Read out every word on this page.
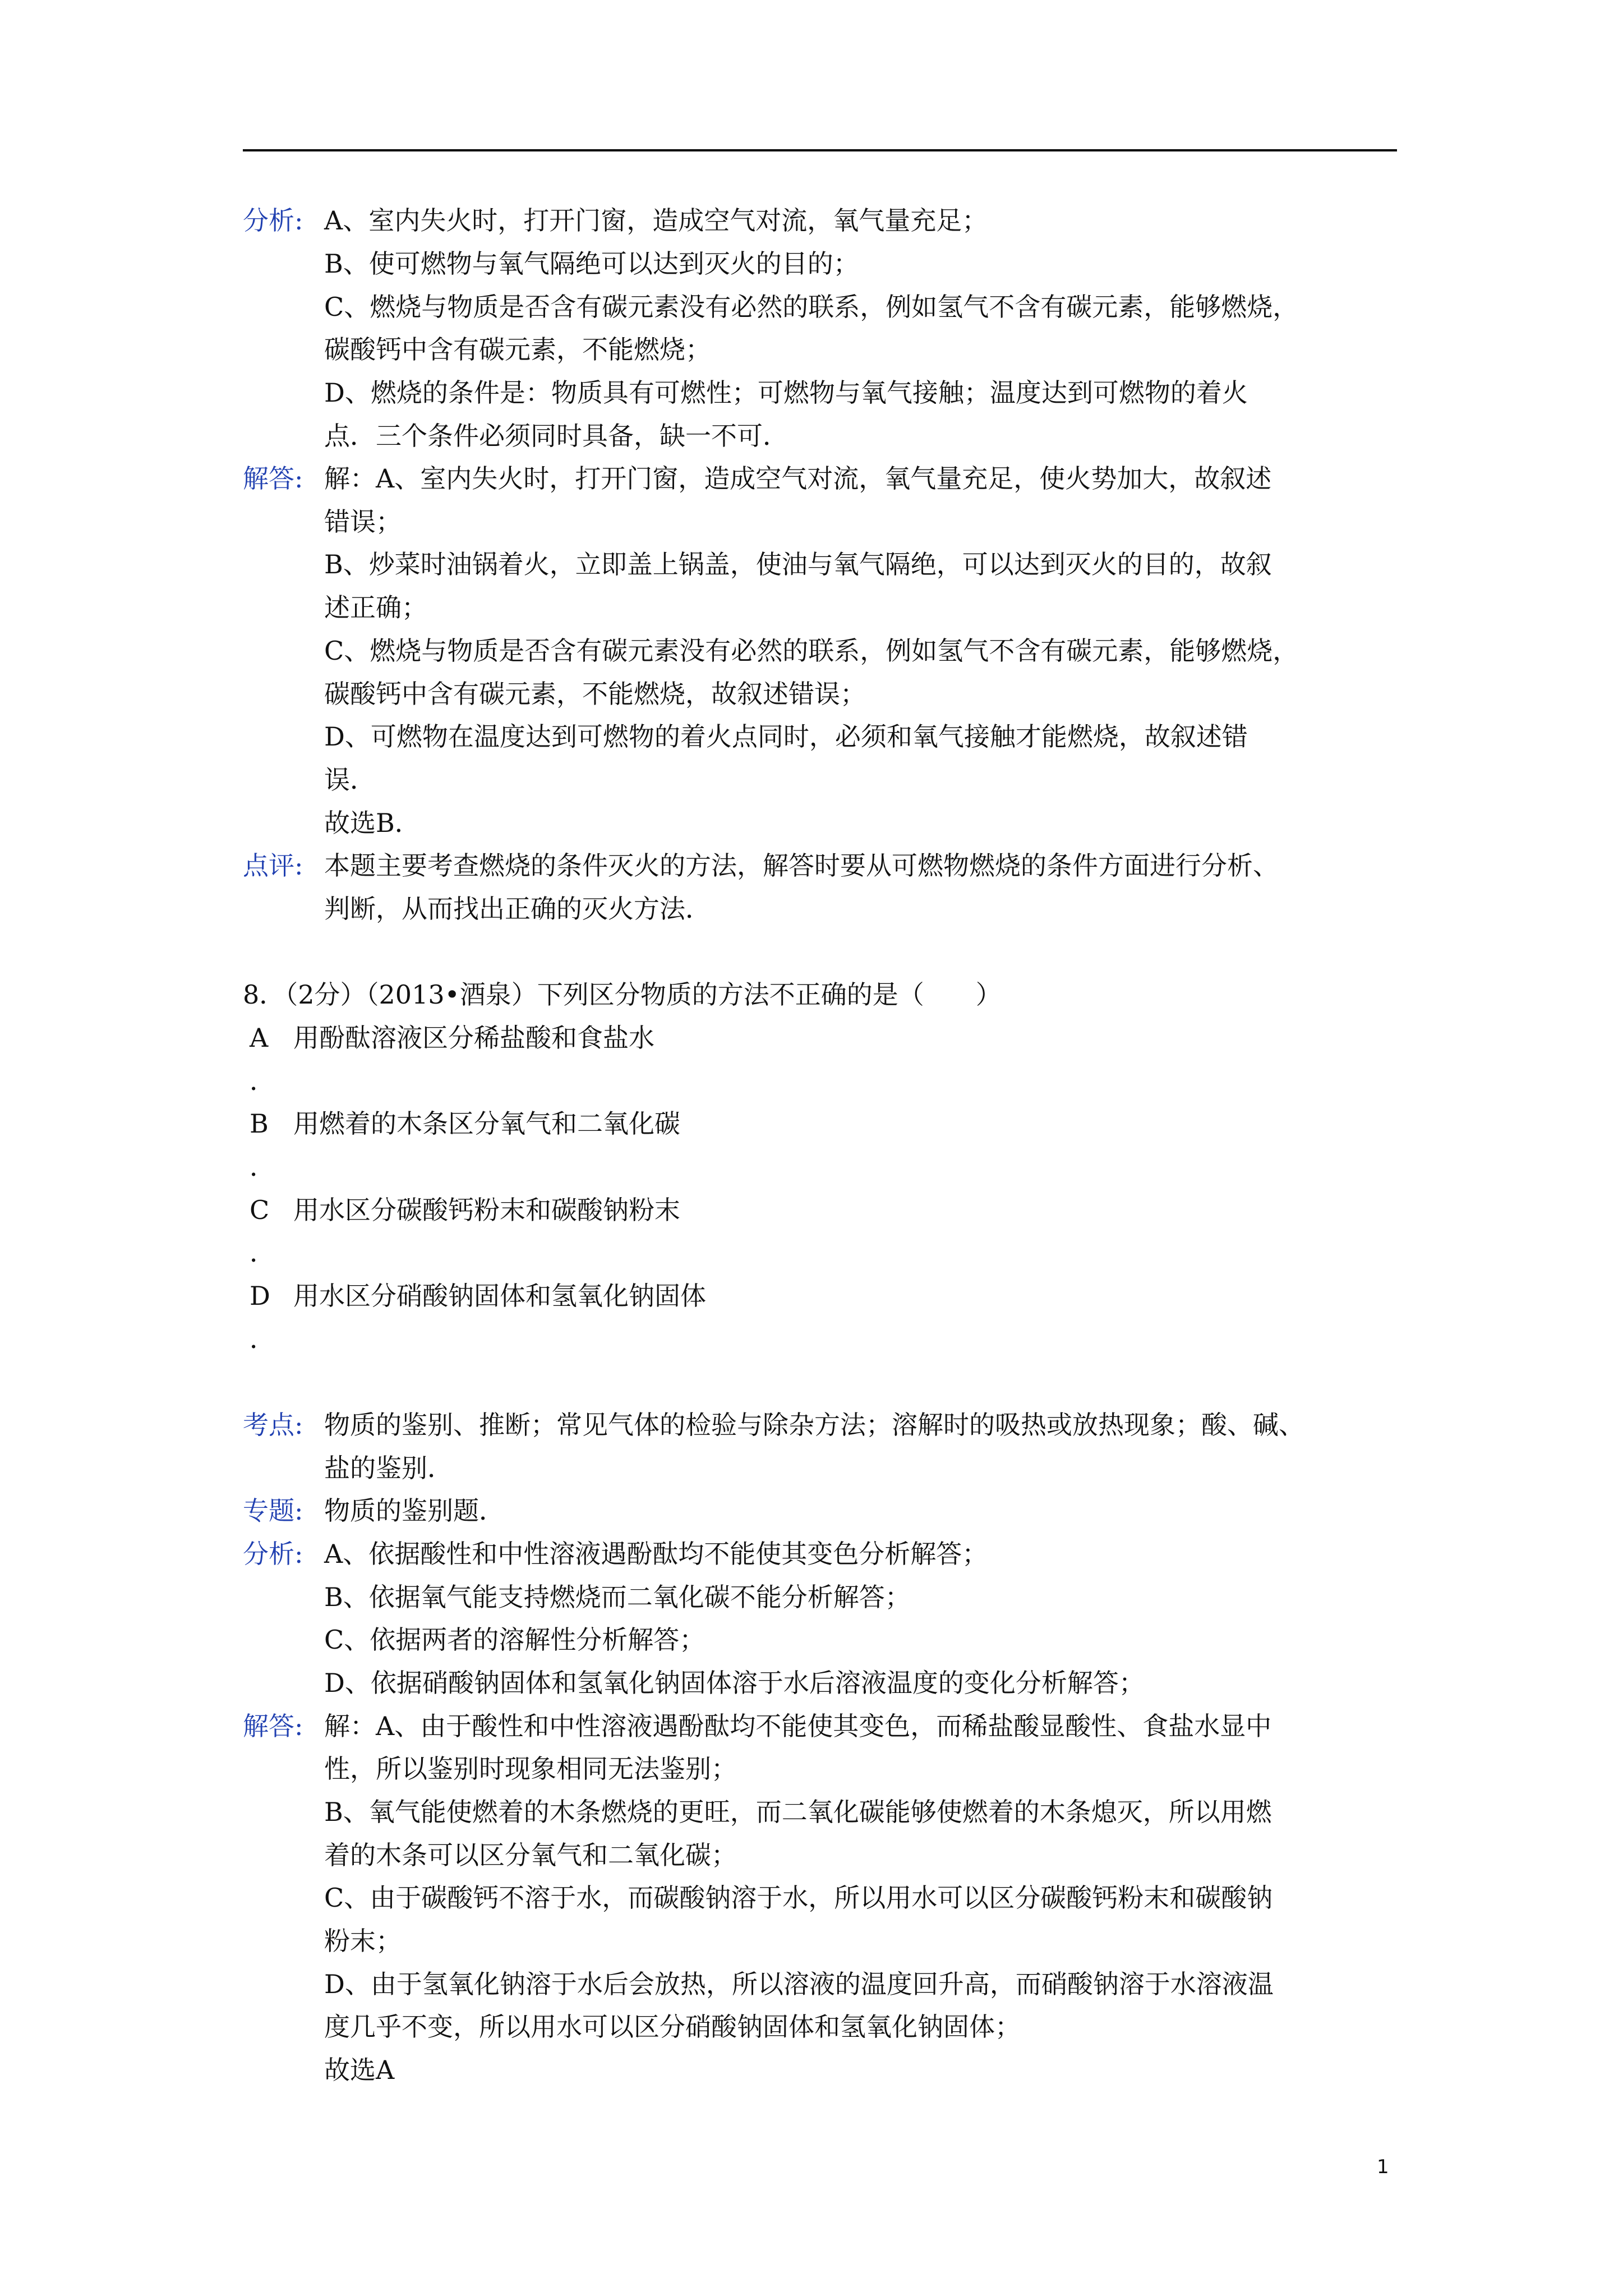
分析: A、室内失火时，打开门窗，造成空气对流，氧气量充足；
B、使可燃物与氧气隔绝可以达到灭火的目的；
C、燃烧与物质是否含有碳元素没有必然的联系，例如氢气不含有碳元素，能够燃烧，
碳酸钙中含有碳元素，不能燃烧；
D、燃烧的条件是：物质具有可燃性；可燃物与氧气接触；温度达到可燃物的着火
点．三个条件必须同时具备，缺一不可．
解答: 解：A、室内失火时，打开门窗，造成空气对流，氧气量充足，使火势加大，故叙述
错误；
B、炒菜时油锅着火，立即盖上锅盖，使油与氧气隔绝，可以达到灭火的目的，故叙
述正确；
C、燃烧与物质是否含有碳元素没有必然的联系，例如氢气不含有碳元素，能够燃烧，
碳酸钙中含有碳元素，不能燃烧，故叙述错误；
D、可燃物在温度达到可燃物的着火点同时，必须和氧气接触才能燃烧，故叙述错
误．
故选B．
点评: 本题主要考查燃烧的条件灭火的方法，解答时要从可燃物燃烧的条件方面进行分析、
判断，从而找出正确的灭火方法．
8．（2分）（2013•酒泉）下列区分物质的方法不正确的是（　　）
A 用酚酞溶液区分稀盐酸和食盐水
．
B 用燃着的木条区分氧气和二氧化碳
．
C 用水区分碳酸钙粉末和碳酸钠粉末
．
D 用水区分硝酸钠固体和氢氧化钠固体
．
考点: 物质的鉴别、推断；常见气体的检验与除杂方法；溶解时的吸热或放热现象；酸、碱、
盐的鉴别．
专题: 物质的鉴别题．
分析: A、依据酸性和中性溶液遇酚酞均不能使其变色分析解答；
B、依据氧气能支持燃烧而二氧化碳不能分析解答；
C、依据两者的溶解性分析解答；
D、依据硝酸钠固体和氢氧化钠固体溶于水后溶液温度的变化分析解答；
解答: 解：A、由于酸性和中性溶液遇酚酞均不能使其变色，而稀盐酸显酸性、食盐水显中
性，所以鉴别时现象相同无法鉴别；
B、氧气能使燃着的木条燃烧的更旺，而二氧化碳能够使燃着的木条熄灭，所以用燃
着的木条可以区分氧气和二氧化碳；
C、由于碳酸钙不溶于水，而碳酸钠溶于水，所以用水可以区分碳酸钙粉末和碳酸钠
粉末；
D、由于氢氧化钠溶于水后会放热，所以溶液的温度回升高，而硝酸钠溶于水溶液温
度几乎不变，所以用水可以区分硝酸钠固体和氢氧化钠固体；
故选A
1
